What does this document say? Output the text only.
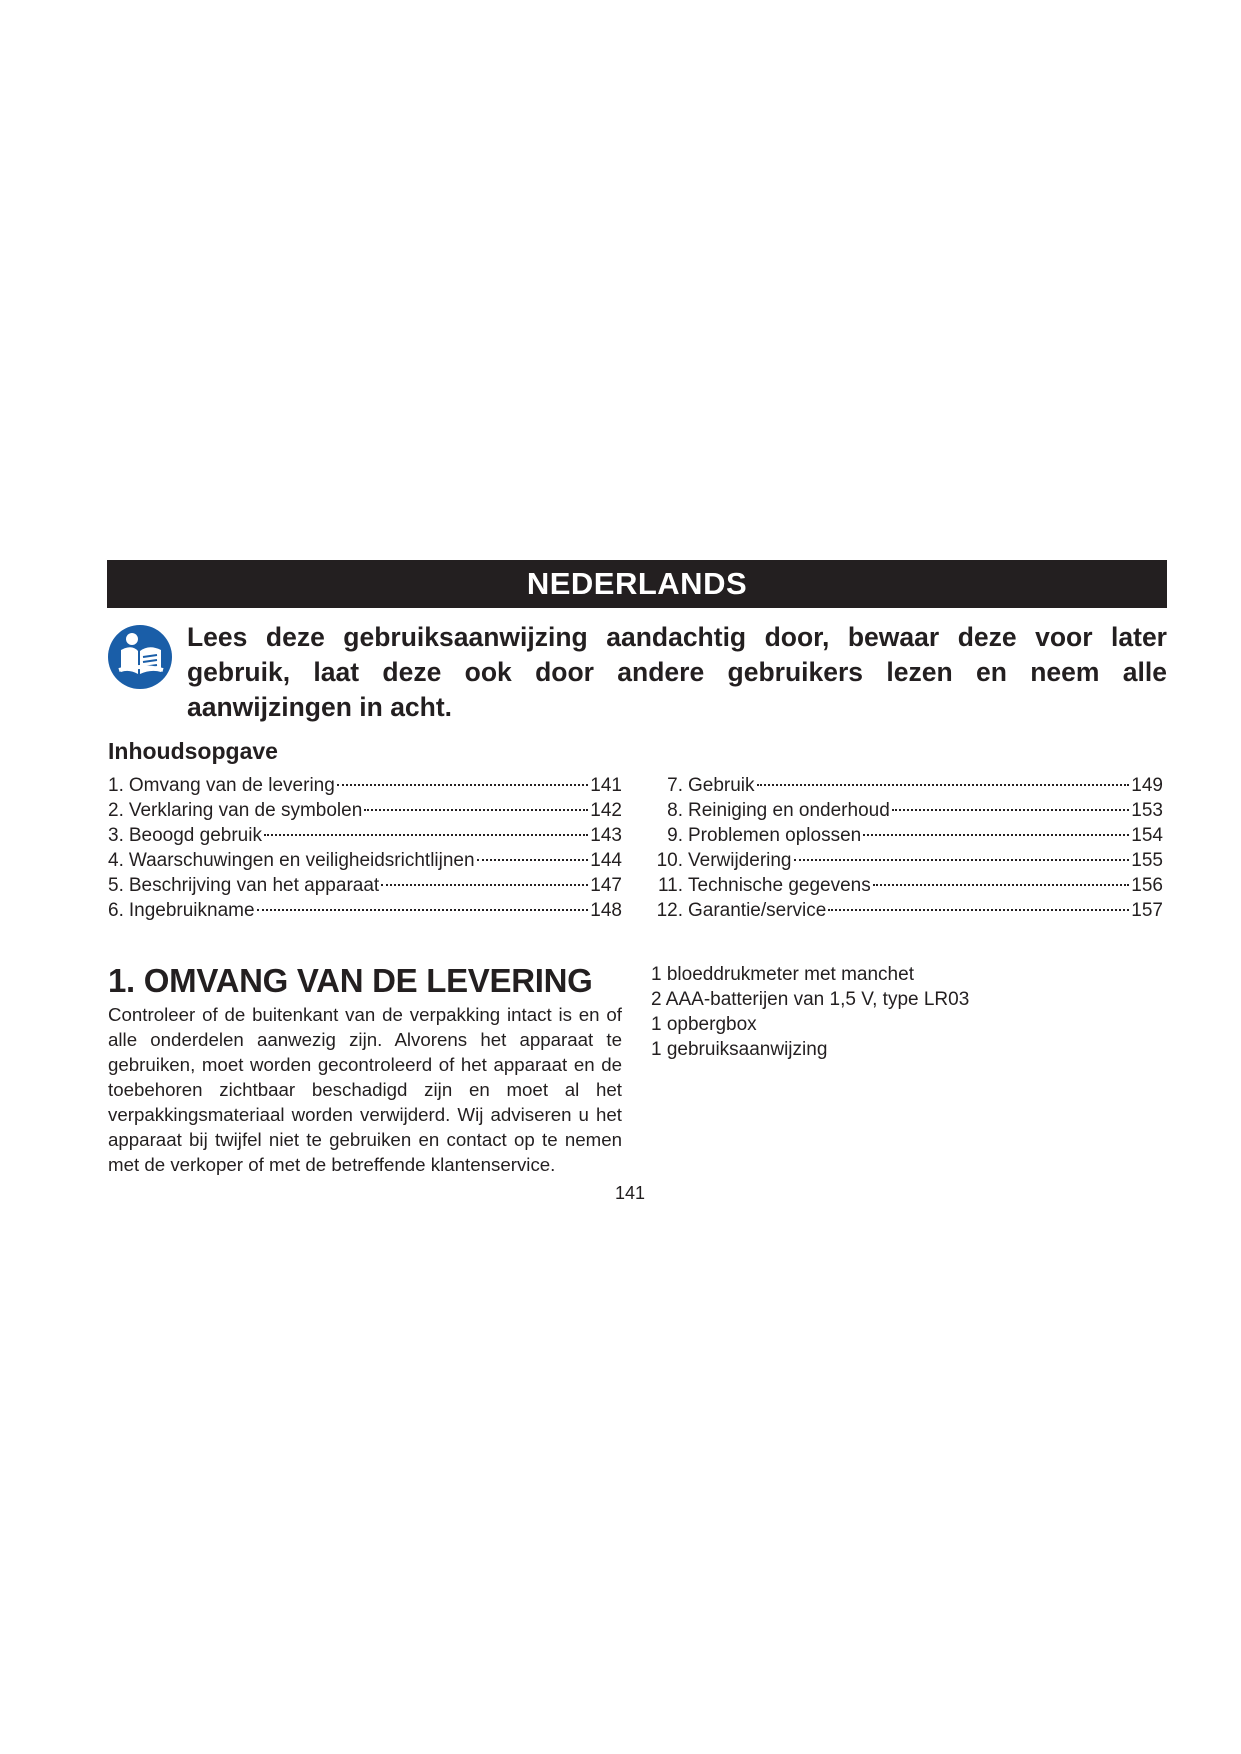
NEDERLANDS
Lees deze gebruiksaanwijzing aandachtig door, bewaar deze voor later gebruik, laat deze ook door andere gebruikers lezen en neem alle aanwijzingen in acht.
Inhoudsopgave
1. Omvang van de levering	141
2. Verklaring van de symbolen	142
3. Beoogd gebruik	143
4. Waarschuwingen en veiligheidsrichtlijnen	144
5. Beschrijving van het apparaat	147
6. Ingebruikname	148
7. Gebruik	149
8. Reiniging en onderhoud	153
9. Problemen oplossen	154
10. Verwijdering	155
11. Technische gegevens	156
12. Garantie/service	157
1. OMVANG VAN DE LEVERING

Controleer of de buitenkant van de verpakking intact is en of alle onderdelen aanwezig zijn. Alvorens het apparaat te gebruiken, moet worden gecontroleerd of het apparaat en de toebehoren zichtbaar beschadigd zijn en moet al het verpakkingsmateriaal worden verwijderd. Wij adviseren u het apparaat bij twijfel niet te gebruiken en contact op te nemen met de verkoper of met de betreffende klantenservice.

1 bloeddrukmeter met manchet
2 AAA-batterijen van 1,5 V, type LR03
1 opbergbox
1 gebruiksaanwijzing
141
